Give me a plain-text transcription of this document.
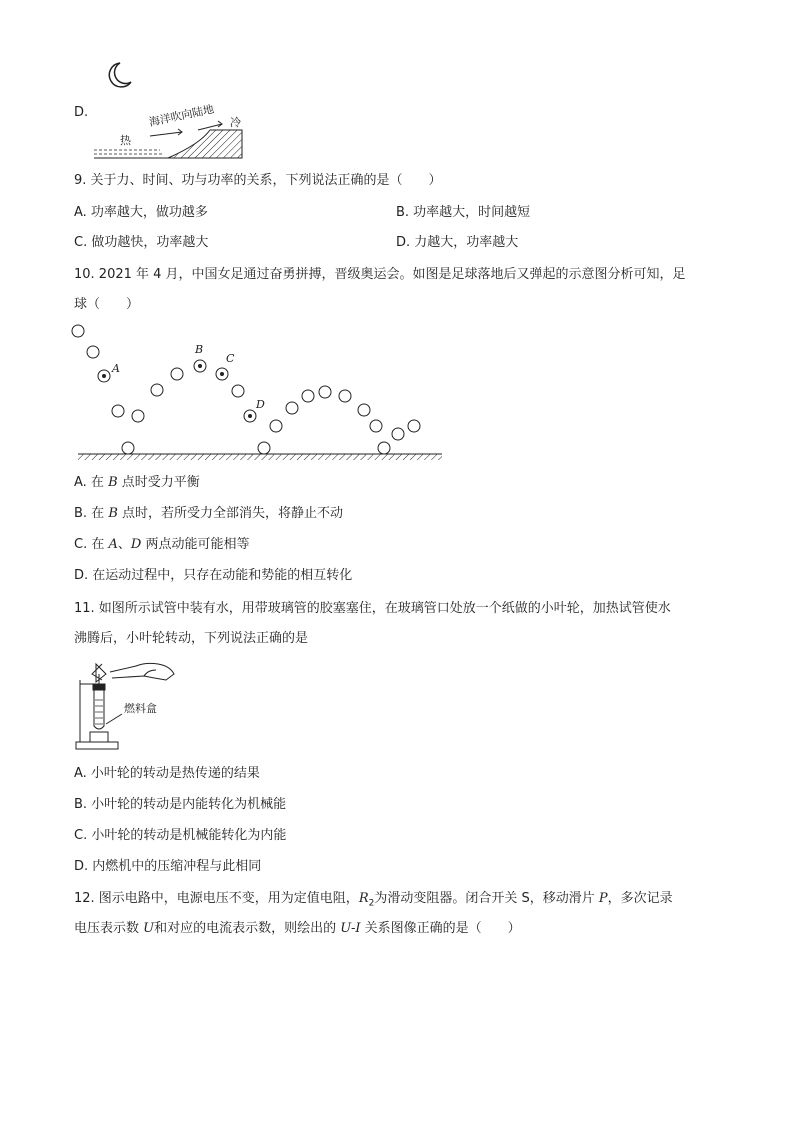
D.
热
海洋吹向陆地 冷
9. 关于力、时间、功与功率的关系，下列说法正确的是（　　）
A. 功率越大，做功越多	B. 功率越大，时间越短
C. 做功越快，功率越大	D. 力越大，功率越大
10. 2021 年 4 月，中国女足通过奋勇拼搏，晋级奥运会。如图是足球落地后又弹起的示意图分析可知，足
球（　　）
A
B
C
D
A. 在 B 点时受力平衡
B. 在 B 点时，若所受力全部消失，将静止不动
C. 在 A、D 两点动能可能相等
D. 在运动过程中，只存在动能和势能的相互转化
11. 如图所示试管中装有水，用带玻璃管的胶塞塞住，在玻璃管口处放一个纸做的小叶轮，加热试管使水
沸腾后，小叶轮转动，下列说法正确的是
燃料盒
A. 小叶轮的转动是热传递的结果
B. 小叶轮的转动是内能转化为机械能
C. 小叶轮的转动是机械能转化为内能
D. 内燃机中的压缩冲程与此相同
12. 图示电路中，电源电压不变，用为定值电阻，$R_2$为滑动变阻器。闭合开关 S，移动滑片 P，多次记录
电压表示数 U和对应的电流表示数，则绘出的 U-I 关系图像正确的是（　　）
